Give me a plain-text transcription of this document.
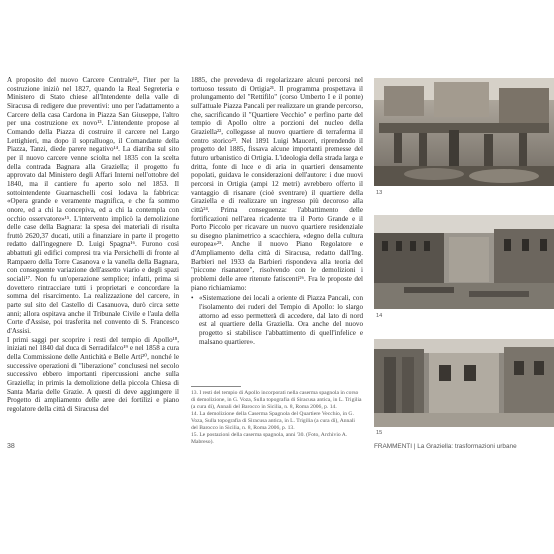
A proposito del nuovo Carcere Centrale¹², l'iter per la costruzione iniziò nel 1827, quando la Real Segreteria e Ministero di Stato chiese all'Intendente della valle di Siracusa di redigere due preventivi: uno per l'adattamento a Carcere della casa Cardona in Piazza San Giuseppe, l'altro per una costruzione ex novo¹³. L'intendente propose al Comando della Piazza di costruire il carcere nel Largo Lettighieri, ma dopo il sopralluogo, il Comandante della Piazza, Tanzi, diede parere negativo¹⁴. La diatriba sul sito per il nuovo carcere venne sciolta nel 1835 con la scelta della contrada Bagnara alla Graziella; il progetto fu approvato dal Ministero degli Affari Interni nell'ottobre del 1840, ma il cantiere fu aperto solo nel 1853. Il sottointendente Guarnaschelli così lodava la fabbrica: «Opera grande e veramente magnifica, e che fa sommo onore, ed a chi la concepiva, ed a chi la contempla con occhio osservatore»¹⁵. L'intervento implicò la demolizione delle case della Bagnara: la spesa dei materiali di risulta fruttò 2620,37 ducati, utili a finanziare in parte il progetto redatto dall'ingegnere D. Luigi Spagna¹⁶. Furono così abbattuti gli edifici compresi tra via Persichelli di fronte al Rampaero della Torre Casanova e la vanella della Bagnara, con conseguente variazione dell'assetto viario e degli spazi sociali¹⁷. Non fu un'operazione semplice; infatti, prima si dovettero rintracciare tutti i proprietari e concordare la somma del risarcimento. La realizzazione del carcere, in parte sul sito del Castello di Casanuova, durò circa sette anni; allora ospitava anche il Tribunale Civile e l'aula della Corte d'Assise, poi trasferita nel convento di S. Francesco d'Assisi.

I primi saggi per scoprire i resti del tempio di Apollo¹⁸, iniziati nel 1840 dal duca di Serradifalco¹⁹ e nel 1858 a cura della Commissione delle Antichità e Belle Arti²⁰, nonché le successive operazioni di "liberazione" conclusesi nel secolo successivo ebbero importanti ripercussioni anche sulla Graziella; in primis la demolizione della piccola Chiesa di Santa Maria delle Grazie. A questi di deve aggiungere il Progetto di ampliamento delle aree dei fortilizi e piano regolatore della città di Siracusa del

1885, che prevedeva di regolarizzare alcuni percorsi nel tortuoso tessuto di Ortigia²¹. Il programma prospettava il prolungamento del "Rettifilo" (corso Umberto I e il ponte) sull'attuale Piazza Pancali per realizzare un grande percorso, che, sacrificando il "Quartiere Vecchio" e perfino parte del tempio di Apollo oltre a porzioni del nucleo della Graziella²², collegasse al nuovo quartiere di terraferma il centro storico²³. Nel 1891 Luigi Mauceri, riprendendo il progetto del 1885, fissava alcune importanti premesse del futuro urbanistico di Ortigia. L'ideologia della strada larga e dritta, fonte di luce e di aria in quartieri densamente popolati, guidava le considerazioni dell'autore: i due nuovi percorsi in Ortigia (ampi 12 metri) avrebbero offerto il vantaggio di risanare (cioè sventrare) il quartiere della Graziella e di realizzare un ingresso più decoroso alla città²⁴. Prima conseguenza: l'abbattimento delle fortificazioni nell'area ricadente tra il Porto Grande e il Porto Piccolo per ricavare un nuovo quartiere residenziale su disegno planimetrico a scacchiera, «degno della cultura europea»²⁵. Anche il nuovo Piano Regolatore e d'Ampliamento della città di Siracusa, redatto dall'Ing. Barbieri nel 1933 da Barbieri rispondeva alla teoria del "piccone risanatore", risolvendo con le demolizioni i problemi delle aree ritenute fatiscenti²⁶. Fra le proposte del piano richiamiamo:

• «Sistemazione dei locali a oriente di Piazza Pancali, con l'isolamento dei ruderi del Tempio di Apollo: lo slargo attorno ad esso permetterà di accedere, dal lato di nord est al quartiere della Graziella. Ora anche del nuovo progetto si stabilisce l'abbattimento di quell'infelice e malsano quartiere».

13. I resti del tempio di Apollo incorporati nella caserma spagnola in corso di demolizione, in G. Voza, Sulla topografia di Siracusa antica, in L. Trigilia (a cura di), Annali del Barocco in Sicilia, n. 8, Roma 2006, p. 14.

14. La demolizione della Caserma Spagnola del Quartiere Vecchio, in G. Voza, Sulla topografia di Siracusa antica, in L. Trigilia (a cura di), Annali del Barocco in Sicilia, n. 8, Roma 2006, p. 13.

15. Le postazioni della caserma spagnola, anni '30. (Foto, Archivio A. Mabreso).

13
14
15
38	FRAMMENTI | La Graziella: trasformazioni urbane
